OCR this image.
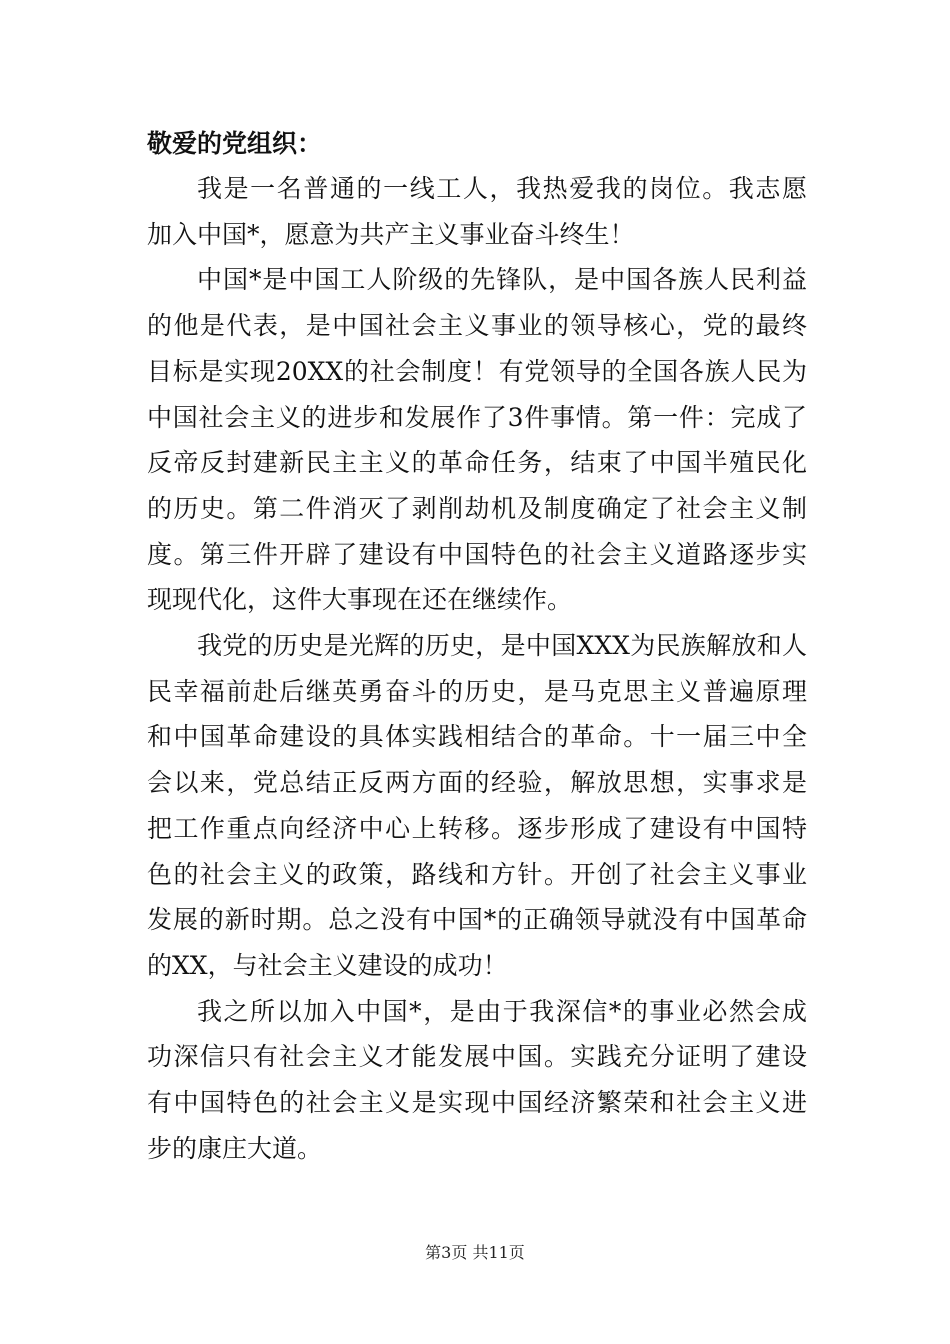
敬爱的党组织：
我是一名普通的一线工人，我热爱我的岗位。我志愿
加入中国*，愿意为共产主义事业奋斗终生！
中国*是中国工人阶级的先锋队，是中国各族人民利益
的他是代表，是中国社会主义事业的领导核心，党的最终
目标是实现20XX的社会制度！有党领导的全国各族人民为
中国社会主义的进步和发展作了3件事情。第一件：完成了
反帝反封建新民主主义的革命任务，结束了中国半殖民化
的历史。第二件消灭了剥削劫机及制度确定了社会主义制
度。第三件开辟了建设有中国特色的社会主义道路逐步实
现现代化，这件大事现在还在继续作。
我党的历史是光辉的历史，是中国XXX为民族解放和人
民幸福前赴后继英勇奋斗的历史，是马克思主义普遍原理
和中国革命建设的具体实践相结合的革命。十一届三中全
会以来，党总结正反两方面的经验，解放思想，实事求是
把工作重点向经济中心上转移。逐步形成了建设有中国特
色的社会主义的政策，路线和方针。开创了社会主义事业
发展的新时期。总之没有中国*的正确领导就没有中国革命
的XX，与社会主义建设的成功！
我之所以加入中国*，是由于我深信*的事业必然会成
功深信只有社会主义才能发展中国。实践充分证明了建设
有中国特色的社会主义是实现中国经济繁荣和社会主义进
步的康庄大道。
第3页 共11页
